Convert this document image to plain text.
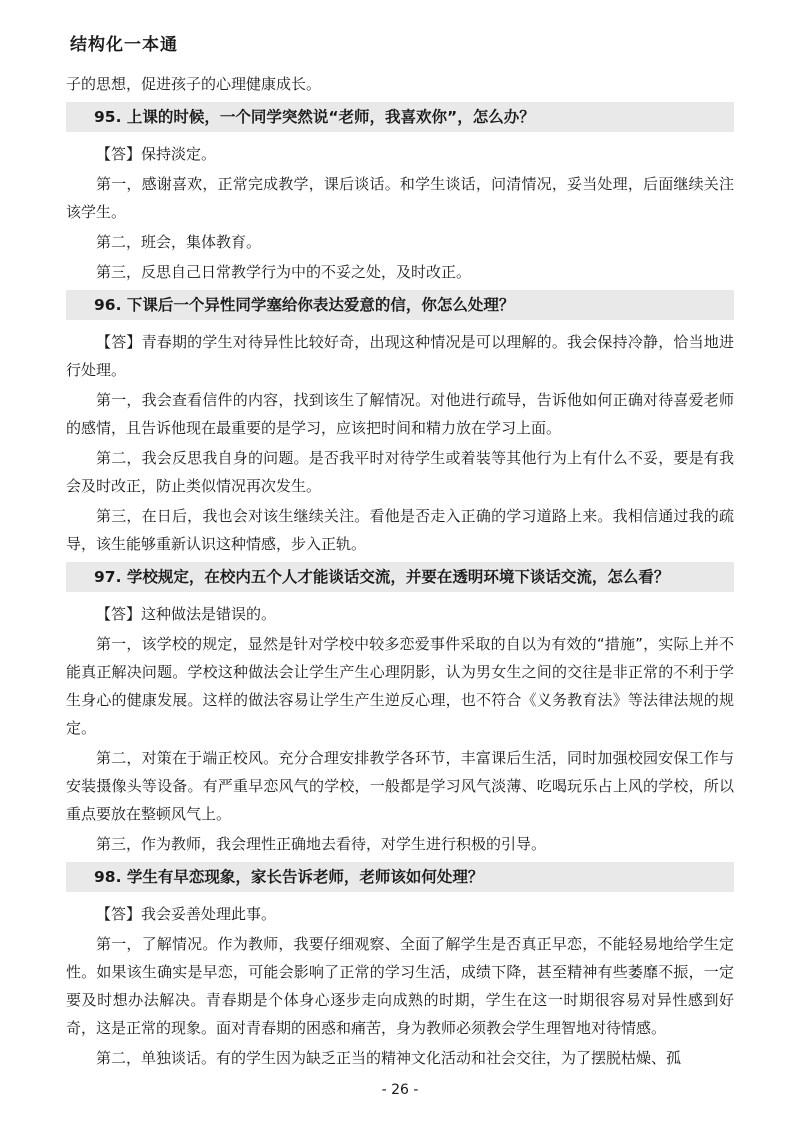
结构化一本通
子的思想，促进孩子的心理健康成长。
95. 上课的时候，一个同学突然说“老师，我喜欢你”，怎么办？
【答】保持淡定。
第一，感谢喜欢，正常完成教学，课后谈话。和学生谈话，问清情况，妥当处理，后面继续关注该学生。
第二，班会，集体教育。
第三，反思自己日常教学行为中的不妥之处，及时改正。
96. 下课后一个异性同学塞给你表达爱意的信，你怎么处理？
【答】青春期的学生对待异性比较好奇，出现这种情况是可以理解的。我会保持冷静，恰当地进行处理。
第一，我会查看信件的内容，找到该生了解情况。对他进行疏导，告诉他如何正确对待喜爱老师的感情，且告诉他现在最重要的是学习，应该把时间和精力放在学习上面。
第二，我会反思我自身的问题。是否我平时对待学生或着装等其他行为上有什么不妥，要是有我会及时改正，防止类似情况再次发生。
第三，在日后，我也会对该生继续关注。看他是否走入正确的学习道路上来。我相信通过我的疏导，该生能够重新认识这种情感，步入正轨。
97. 学校规定，在校内五个人才能谈话交流，并要在透明环境下谈话交流，怎么看？
【答】这种做法是错误的。
第一，该学校的规定，显然是针对学校中较多恋爱事件采取的自以为有效的“措施”，实际上并不能真正解决问题。学校这种做法会让学生产生心理阴影，认为男女生之间的交往是非正常的不利于学生身心的健康发展。这样的做法容易让学生产生逆反心理，也不符合《义务教育法》等法律法规的规定。
第二，对策在于端正校风。充分合理安排教学各环节，丰富课后生活，同时加强校园安保工作与安装摄像头等设备。有严重早恋风气的学校，一般都是学习风气淡薄、吃喝玩乐占上风的学校，所以重点要放在整顿风气上。
第三，作为教师，我会理性正确地去看待，对学生进行积极的引导。
98. 学生有早恋现象，家长告诉老师，老师该如何处理？
【答】我会妥善处理此事。
第一，了解情况。作为教师，我要仔细观察、全面了解学生是否真正早恋，不能轻易地给学生定性。如果该生确实是早恋，可能会影响了正常的学习生活，成绩下降，甚至精神有些萎靡不振，一定要及时想办法解决。青春期是个体身心逐步走向成熟的时期，学生在这一时期很容易对异性感到好奇，这是正常的现象。面对青春期的困惑和痛苦，身为教师必须教会学生理智地对待情感。
第二，单独谈话。有的学生因为缺乏正当的精神文化活动和社会交往，为了摆脱枯燥、孤
- 26 -
